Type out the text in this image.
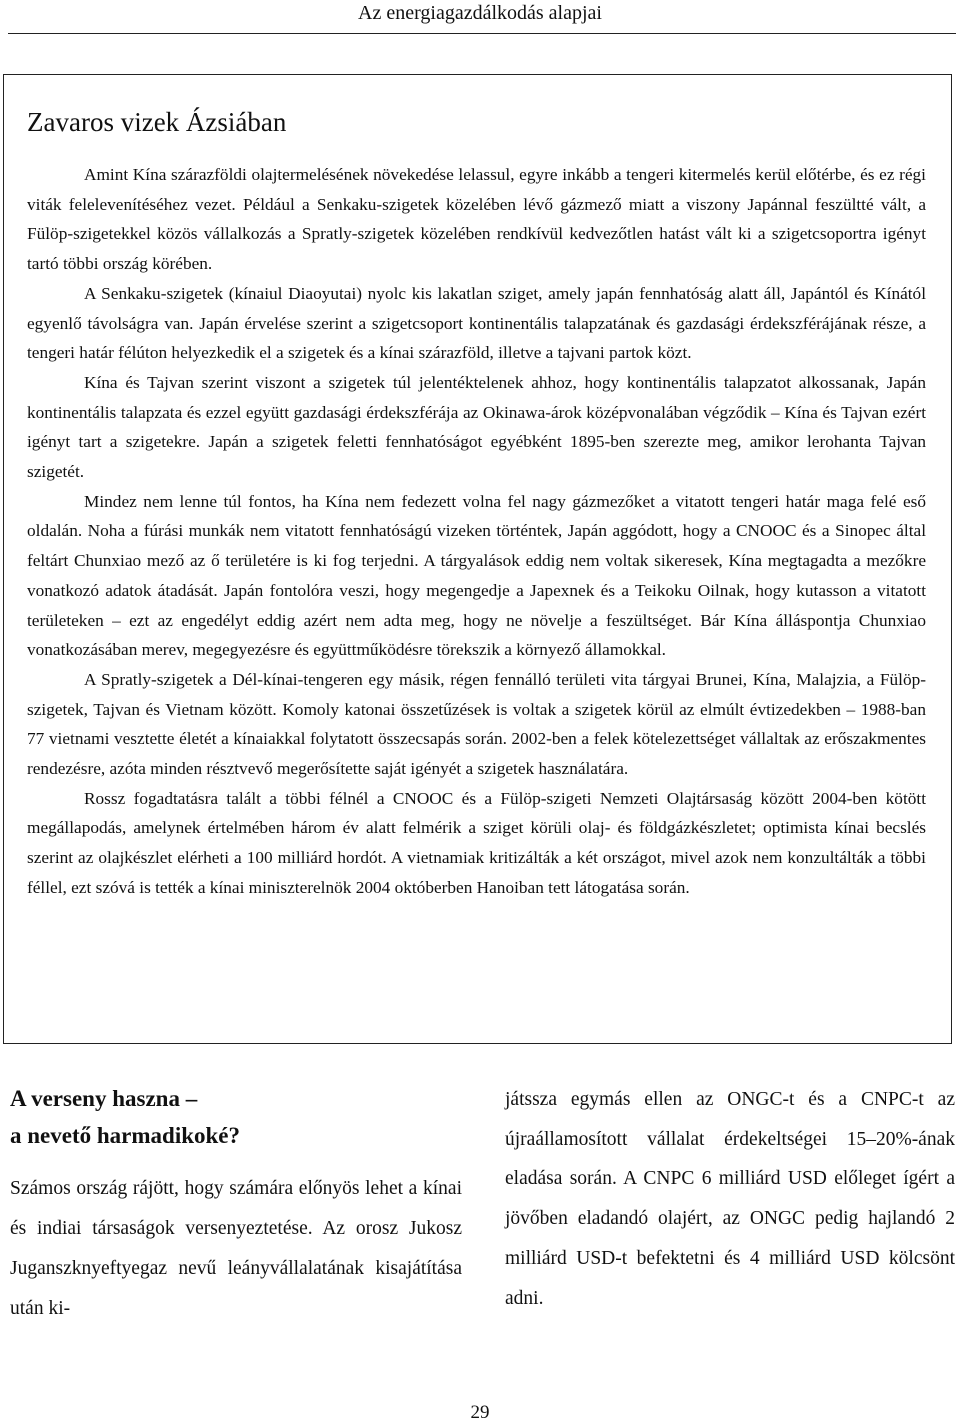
Az energiagazdálkodás alapjai
Zavaros vizek Ázsiában

Amint Kína szárazföldi olajtermelésének növekedése lelassul, egyre inkább a tengeri kitermelés kerül előtérbe, és ez régi viták felelevenítéséhez vezet. Például a Senkaku-szigetek közelében lévő gázmező miatt a viszony Japánnal feszültté vált, a Fülöp-szigetekkel közös vállalkozás a Spratly-szigetek közelében rendkívül kedvezőtlen hatást vált ki a szigetcsoportra igényt tartó többi ország körében.

A Senkaku-szigetek (kínaiul Diaoyutai) nyolc kis lakatlan sziget, amely japán fennhatóság alatt áll, Japántól és Kínától egyenlő távolságra van. Japán érvelése szerint a szigetcsoport kontinentális talapzatának és gazdasági érdekszférájának része, a tengeri határ félúton helyezkedik el a szigetek és a kínai szárazföld, illetve a tajvani partok közt.

Kína és Tajvan szerint viszont a szigetek túl jelentéktelenek ahhoz, hogy kontinentális talapzatot alkossanak, Japán kontinentális talapzata és ezzel együtt gazdasági érdekszférája az Okinawa-árok középvonalában végződik – Kína és Tajvan ezért igényt tart a szigetekre. Japán a szigetek feletti fennhatóságot egyébként 1895-ben szerezte meg, amikor lerohanta Tajvan szigetét.

Mindez nem lenne túl fontos, ha Kína nem fedezett volna fel nagy gázmezőket a vitatott tengeri határ maga felé eső oldalán. Noha a fúrási munkák nem vitatott fennhatóságú vizeken történtek, Japán aggódott, hogy a CNOOC és a Sinopec által feltárt Chunxiao mező az ő területére is ki fog terjedni. A tárgyalások eddig nem voltak sikeresek, Kína megtagadta a mezőkre vonatkozó adatok átadását. Japán fontolóra veszi, hogy megengedje a Japexnek és a Teikoku Oilnak, hogy kutasson a vitatott területeken – ezt az engedélyt eddig azért nem adta meg, hogy ne növelje a feszültséget. Bár Kína álláspontja Chunxiao vonatkozásában merev, megegyezésre és együttműködésre törekszik a környező államokkal.

A Spratly-szigetek a Dél-kínai-tengeren egy másik, régen fennálló területi vita tárgyai Brunei, Kína, Malajzia, a Fülöp-szigetek, Tajvan és Vietnam között. Komoly katonai összetűzések is voltak a szigetek körül az elmúlt évtizedekben – 1988-ban 77 vietnami vesztette életét a kínaiakkal folytatott összecsapás során. 2002-ben a felek kötelezettséget vállaltak az erőszakmentes rendezésre, azóta minden résztvevő megerősítette saját igényét a szigetek használatára.

Rossz fogadtatásra talált a többi félnél a CNOOC és a Fülöp-szigeti Nemzeti Olajtársaság között 2004-ben kötött megállapodás, amelynek értelmében három év alatt felmérik a sziget körüli olaj- és földgázkészletet; optimista kínai becslés szerint az olajkészlet elérheti a 100 milliárd hordót. A vietnamiak kritizálták a két országot, mivel azok nem konzultálták a többi féllel, ezt szóvá is tették a kínai miniszterelnök 2004 októberben Hanoiban tett látogatása során.

A verseny haszna –
a nevető harmadikoké?

Számos ország rájött, hogy számára előnyös lehet a kínai és indiai társaságok versenyeztetése. Az orosz Jukosz Juganszknyeftyegaz nevű leányvállalatának kisajátítása után ki-

játssza egymás ellen az ONGC-t és a CNPC-t az újraállamosított vállalat érdekeltségei 15–20%-ának eladása során. A CNPC 6 milliárd USD előleget ígért a jövőben eladandó olajért, az ONGC pedig hajlandó 2 milliárd USD-t befektetni és 4 milliárd USD kölcsönt adni.

29
